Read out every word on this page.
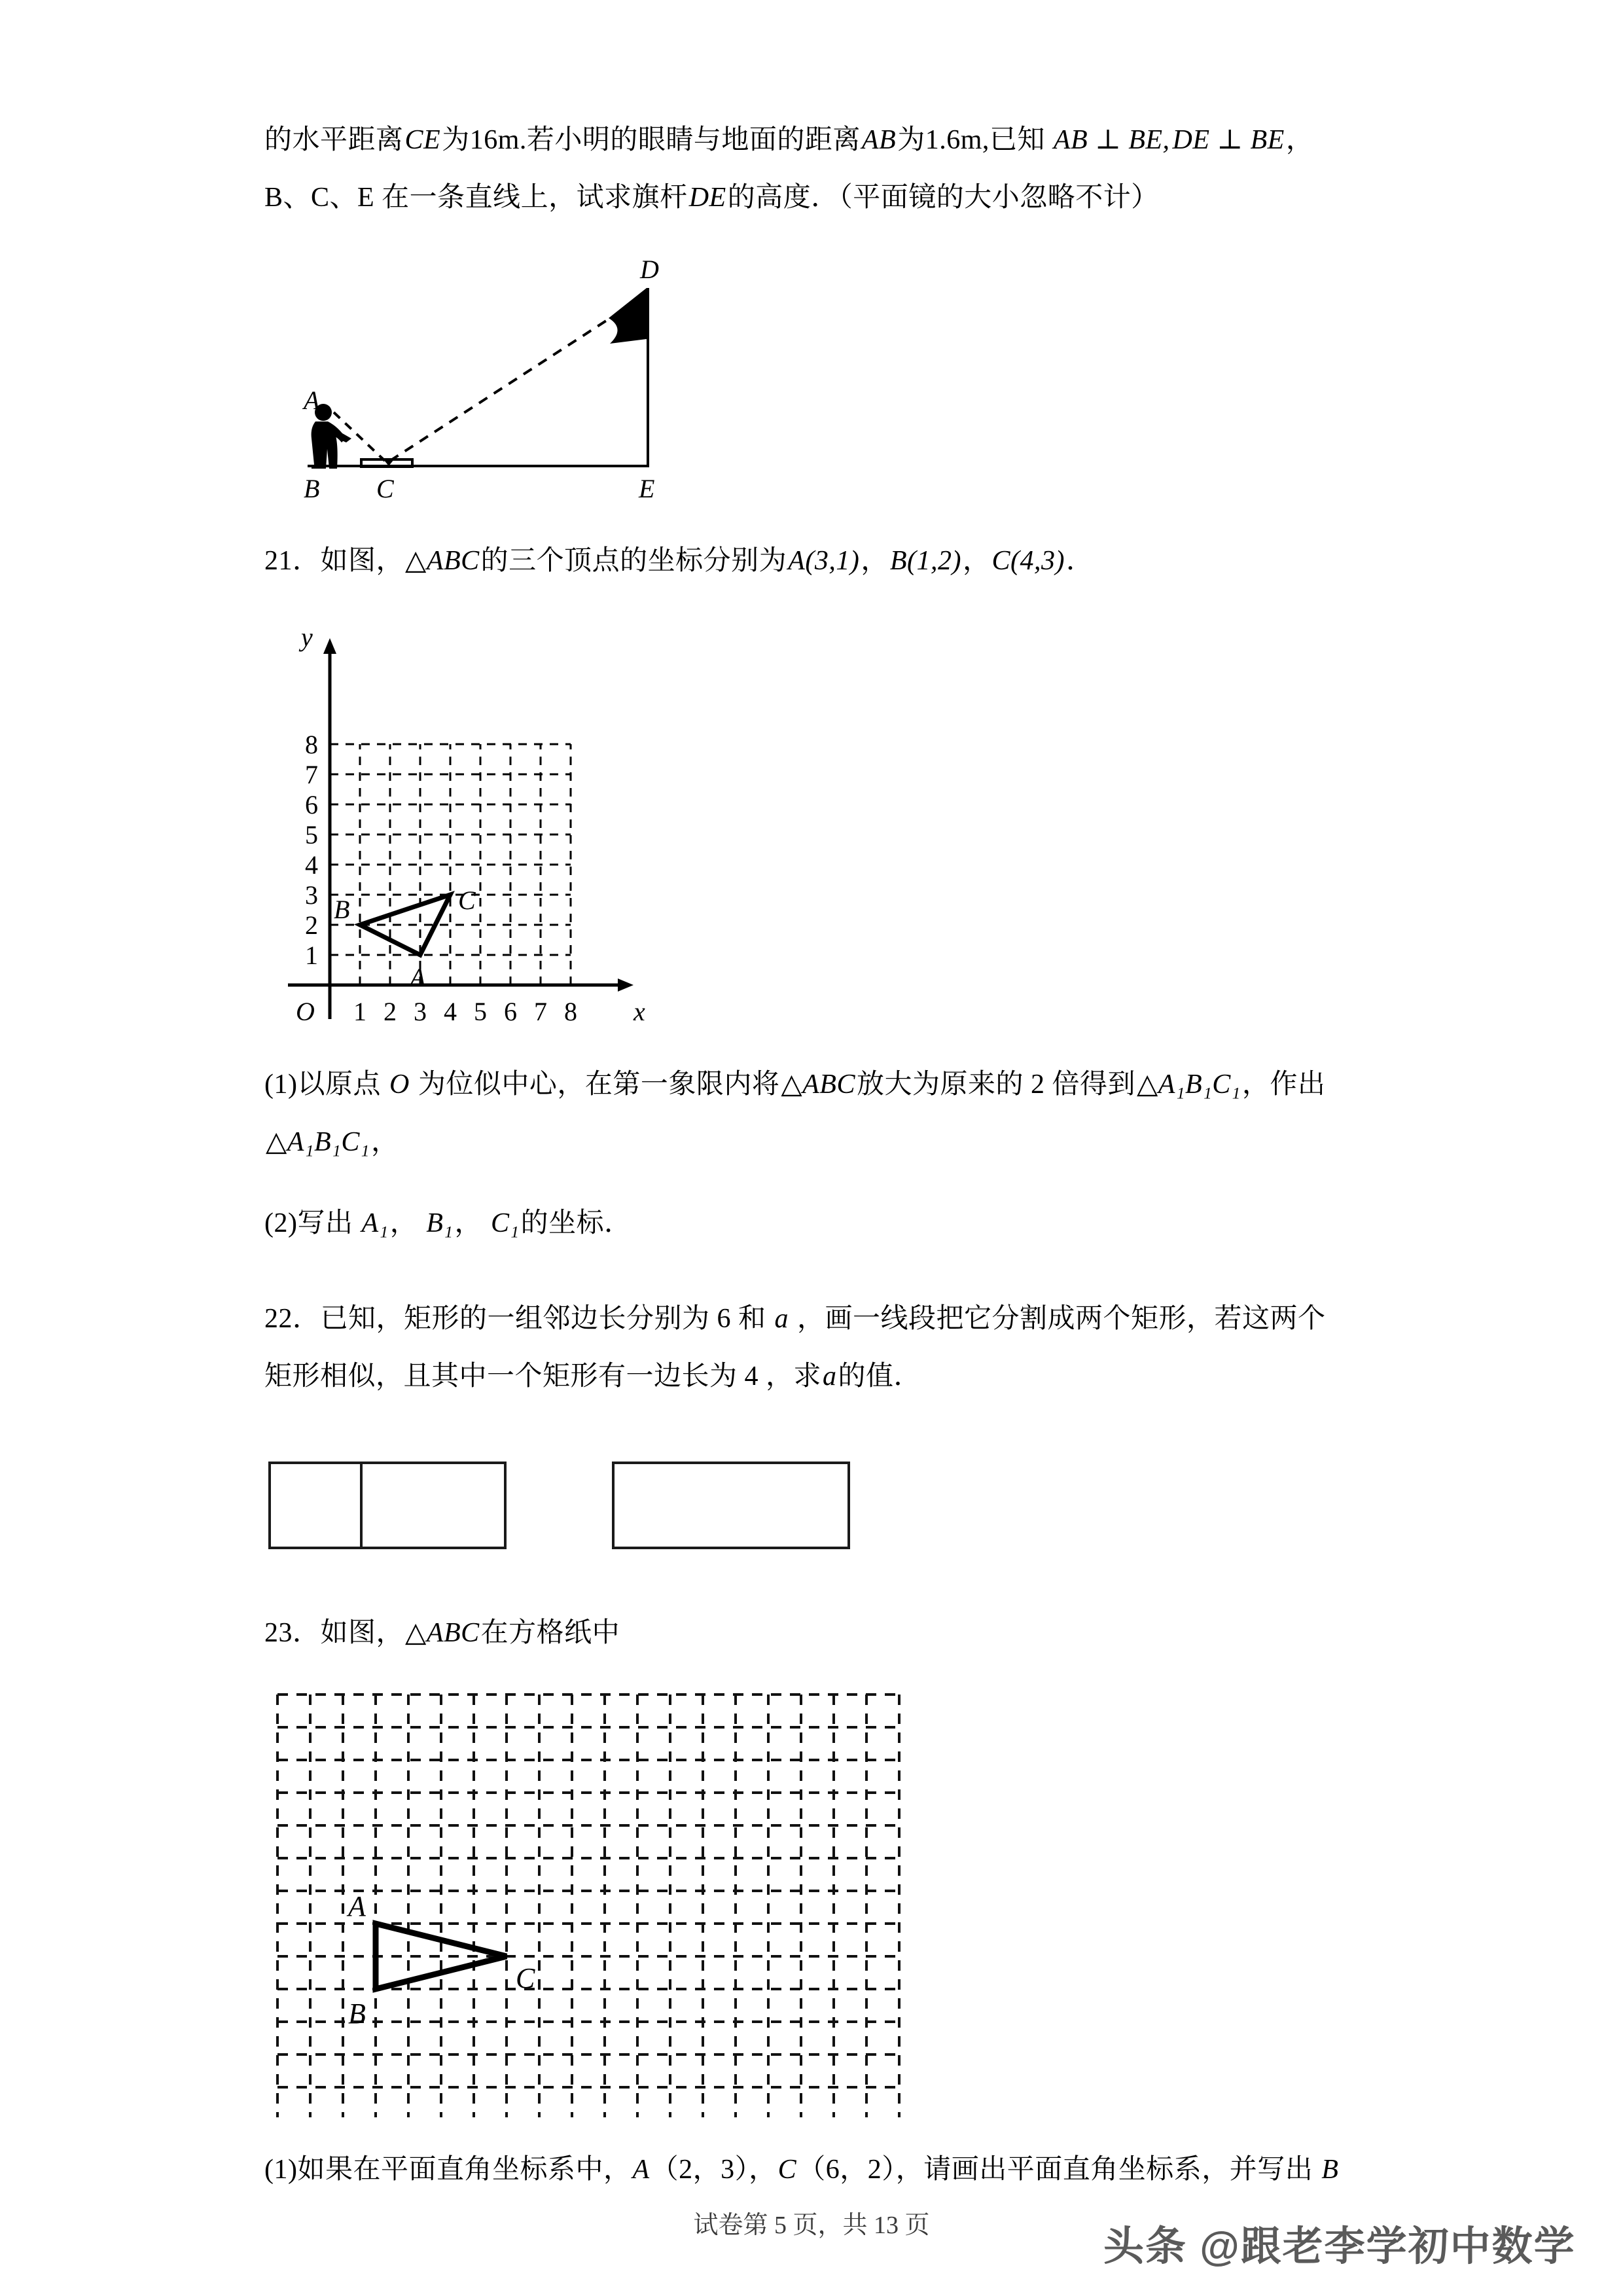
的水平距离CE为16m.若小明的眼睛与地面的距离AB为1.6m,已知 AB ⊥ BE,DE ⊥ BE，
B、C、E 在一条直线上，试求旗杆DE的高度．（平面镜的大小忽略不计）
A
B C
D
E
21．如图，△ABC的三个顶点的坐标分别为A(3,1)，B(1,2)，C(4,3)．
y
x
O 1 2 3 4 5 6 7 8
1
2
3
4
5
6
7
8
A
B	C
(1)以原点 O 为位似中心，在第一象限内将△ABC放大为原来的 2 倍得到△A₁B₁C₁，作出
△A₁B₁C₁，
(2)写出 A₁， B₁， C₁的坐标．
22．已知，矩形的一组邻边长分别为 6 和 a ，画一线段把它分割成两个矩形，若这两个
矩形相似，且其中一个矩形有一边长为 4 ，求a的值．
23．如图，△ABC在方格纸中
A
B
C
(1)如果在平面直角坐标系中，A（2，3），C（6，2），请画出平面直角坐标系，并写出 B
试卷第 5 页，共 13 页	头条 @跟老李学初中数学
